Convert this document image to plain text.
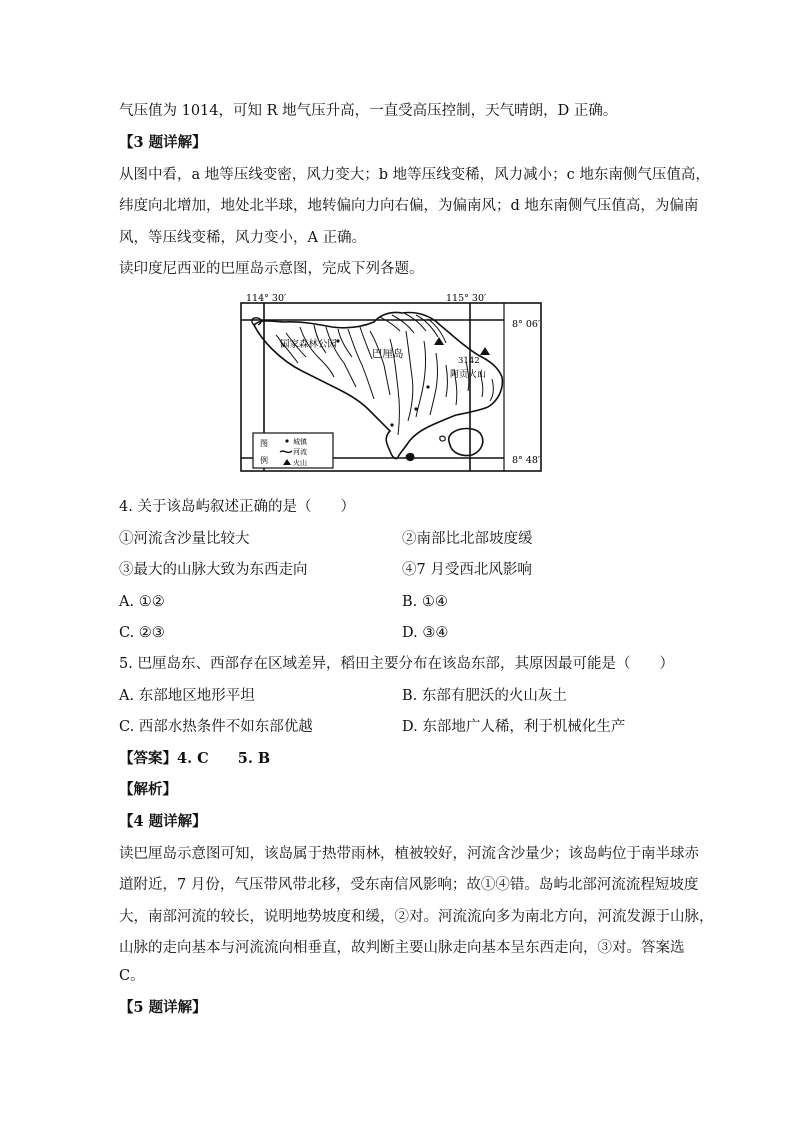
气压值为 1014，可知 R 地气压升高，一直受高压控制，天气晴朗，D 正确。
【3 题详解】
从图中看，a 地等压线变密，风力变大；b 地等压线变稀，风力减小；c 地东南侧气压值高，
纬度向北增加，地处北半球，地转偏向力向右偏，为偏南风；d 地东南侧气压值高，为偏南
风，等压线变稀，风力变小，A 正确。
读印度尼西亚的巴厘岛示意图，完成下列各题。
114° 30′	115° 30′
8° 06′
8° 48′
国家森林公园
巴厘岛
3142
阿贡火山
图
例
城镇
河流
火山
4. 关于该岛屿叙述正确的是（　　）
①河流含沙量比较大	②南部比北部坡度缓
③最大的山脉大致为东西走向	④7 月受西北风影响
A. ①②	B. ①④
C. ②③	D. ③④
5. 巴厘岛东、西部存在区域差异，稻田主要分布在该岛东部，其原因最可能是（　　）
A. 东部地区地形平坦	B. 东部有肥沃的火山灰土
C. 西部水热条件不如东部优越	D. 东部地广人稀，利于机械化生产
【答案】4. C　　5. B
【解析】
【4 题详解】
读巴厘岛示意图可知，该岛属于热带雨林，植被较好，河流含沙量少；该岛屿位于南半球赤
道附近，7 月份，气压带风带北移，受东南信风影响；故①④错。岛屿北部河流流程短坡度
大，南部河流的较长，说明地势坡度和缓，②对。河流流向多为南北方向，河流发源于山脉，
山脉的走向基本与河流流向相垂直，故判断主要山脉走向基本呈东西走向，③对。答案选
C。
【5 题详解】
